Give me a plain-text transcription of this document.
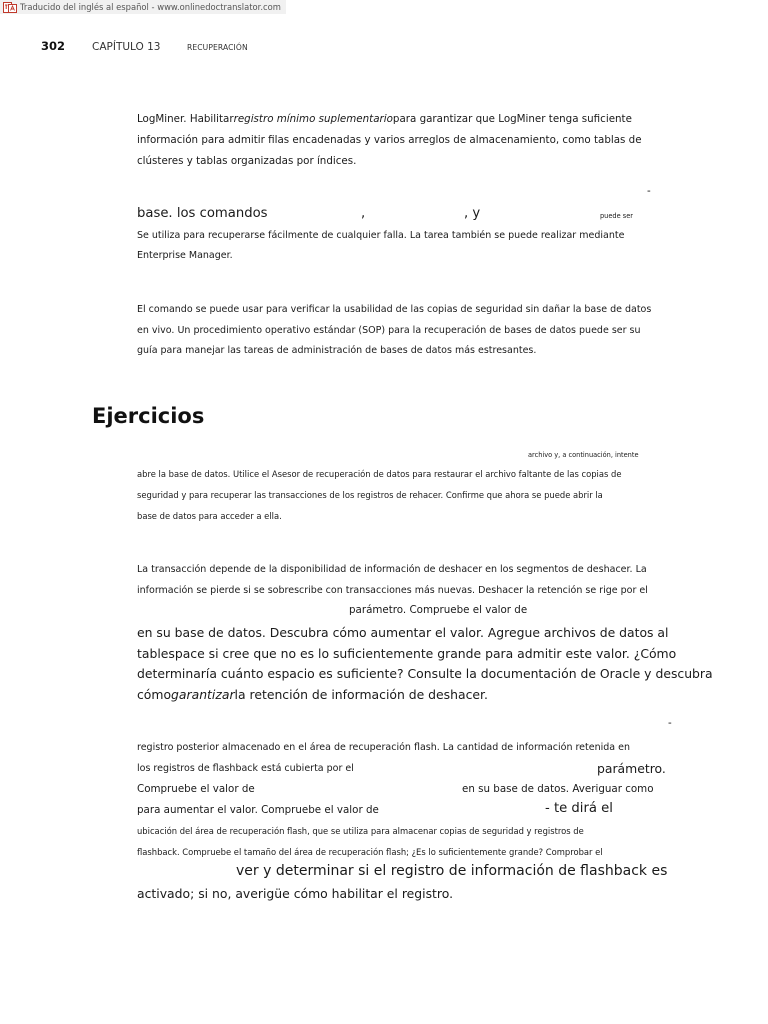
Traducido del inglés al español - www.onlinedoctranslator.com
302	CAPÍTULO 13	RECUPERACIÓN
LogMiner. Habilitarregistro mínimo suplementariopara garantizar que LogMiner tenga suficiente
información para admitir filas encadenadas y varios arreglos de almacenamiento, como tablas de
clústeres y tablas organizadas por índices.
-
base. los comandos	,	, y	puede ser
Se utiliza para recuperarse fácilmente de cualquier falla. La tarea también se puede realizar mediante
Enterprise Manager.
El comando se puede usar para verificar la usabilidad de las copias de seguridad sin dañar la base de datos
en vivo. Un procedimiento operativo estándar (SOP) para la recuperación de bases de datos puede ser su
guía para manejar las tareas de administración de bases de datos más estresantes.
Ejercicios
archivo y, a continuación, intente
abre la base de datos. Utilice el Asesor de recuperación de datos para restaurar el archivo faltante de las copias de
seguridad y para recuperar las transacciones de los registros de rehacer. Confirme que ahora se puede abrir la
base de datos para acceder a ella.
La transacción depende de la disponibilidad de información de deshacer en los segmentos de deshacer. La
información se pierde si se sobrescribe con transacciones más nuevas. Deshacer la retención se rige por el
parámetro. Compruebe el valor de
en su base de datos. Descubra cómo aumentar el valor. Agregue archivos de datos al
tablespace si cree que no es lo suficientemente grande para admitir este valor. ¿Cómo
determinaría cuánto espacio es suficiente? Consulte la documentación de Oracle y descubra
cómogarantizarla retención de información de deshacer.
-
registro posterior almacenado en el área de recuperación flash. La cantidad de información retenida en
los registros de flashback está cubierta por el	parámetro.
Compruebe el valor de	en su base de datos. Averiguar como
para aumentar el valor. Compruebe el valor de	- te dirá el
ubicación del área de recuperación flash, que se utiliza para almacenar copias de seguridad y registros de
flashback. Compruebe el tamaño del área de recuperación flash; ¿Es lo suficientemente grande? Comprobar el
ver y determinar si el registro de información de flashback es
activado; si no, averigüe cómo habilitar el registro.
